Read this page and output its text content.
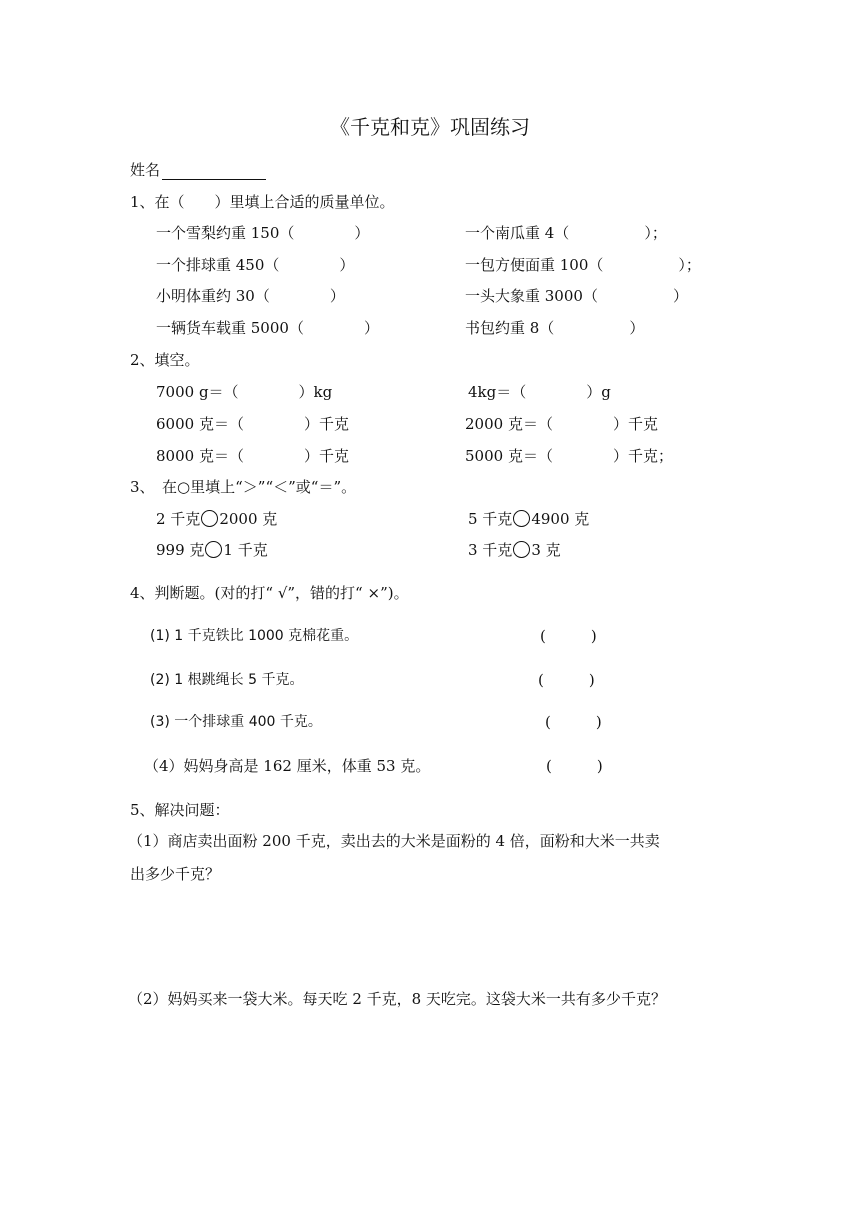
《千克和克》巩固练习
姓名
1、在（　　）里填上合适的质量单位。
一个雪梨约重 150（　　　　）	一个南瓜重 4（　　　　　）；
一个排球重 450（　　　　）	一包方便面重 100（　　　　　）；
小明体重约 30（　　　　）	一头大象重 3000（　　　　　）
一辆货车载重 5000（　　　　）	书包约重 8（　　　　　）
2、填空。
7000 g＝（　　　　）kg	4kg＝（　　　　）g
6000 克＝（　　　　）千克	2000 克＝（　　　　）千克
8000 克＝（　　　　）千克	5000 克＝（　　　　）千克；
3、　在○里填上“＞”“＜”或“＝”。
2 千克 2000 克	5 千克 4900 克
999 克 1 千克	3 千克 3 克
4、判断题。(对的打“ √”，错的打“ ×”)。
(1) 1 千克铁比 1000 克棉花重。	(　　　)
(2) 1 根跳绳长 5 千克。	(　　　)
(3) 一个排球重 400 千克。	(　　　)
（4）妈妈身高是 162 厘米，体重 53 克。	(　　　)
5、解决问题：
（1）商店卖出面粉 200 千克，卖出去的大米是面粉的 4 倍，面粉和大米一共卖
出多少千克？
（2）妈妈买来一袋大米。每天吃 2 千克，8 天吃完。这袋大米一共有多少千克？
